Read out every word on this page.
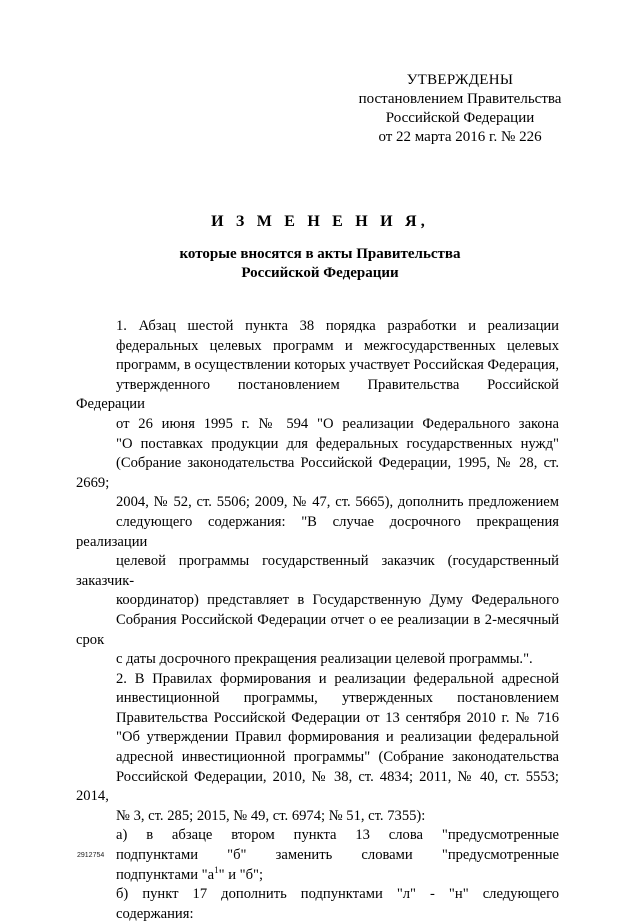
УТВЕРЖДЕНЫ
постановлением Правительства
Российской Федерации
от 22 марта 2016 г. № 226
И З М Е Н Е Н И Я,
которые вносятся в акты Правительства
Российской Федерации
1. Абзац шестой пункта 38 порядка разработки и реализации
федеральных целевых программ и межгосударственных целевых
программ, в осуществлении которых участвует Российская Федерация,
утвержденного постановлением Правительства Российской Федерации
от 26 июня 1995 г. № 594 "О реализации Федерального закона
"О поставках продукции для федеральных государственных нужд"
(Собрание законодательства Российской Федерации, 1995, № 28, ст. 2669;
2004, № 52, ст. 5506; 2009, № 47, ст. 5665), дополнить предложением
следующего содержания: "В случае досрочного прекращения реализации
целевой программы государственный заказчик (государственный заказчик-
координатор) представляет в Государственную Думу Федерального
Собрания Российской Федерации отчет о ее реализации в 2-месячный срок
с даты досрочного прекращения реализации целевой программы.".
2. В Правилах формирования и реализации федеральной адресной
инвестиционной программы, утвержденных постановлением
Правительства Российской Федерации от 13 сентября 2010 г. № 716
"Об утверждении Правил формирования и реализации федеральной
адресной инвестиционной программы" (Собрание законодательства
Российской Федерации, 2010, № 38, ст. 4834; 2011, № 40, ст. 5553; 2014,
№ 3, ст. 285; 2015, № 49, ст. 6974; № 51, ст. 7355):
а) в абзаце втором пункта 13 слова "предусмотренные
подпунктами "б" заменить словами "предусмотренные
подпунктами "$а^1$" и "б";
б) пункт 17 дополнить подпунктами "л" - "н" следующего
содержания:
2912754
